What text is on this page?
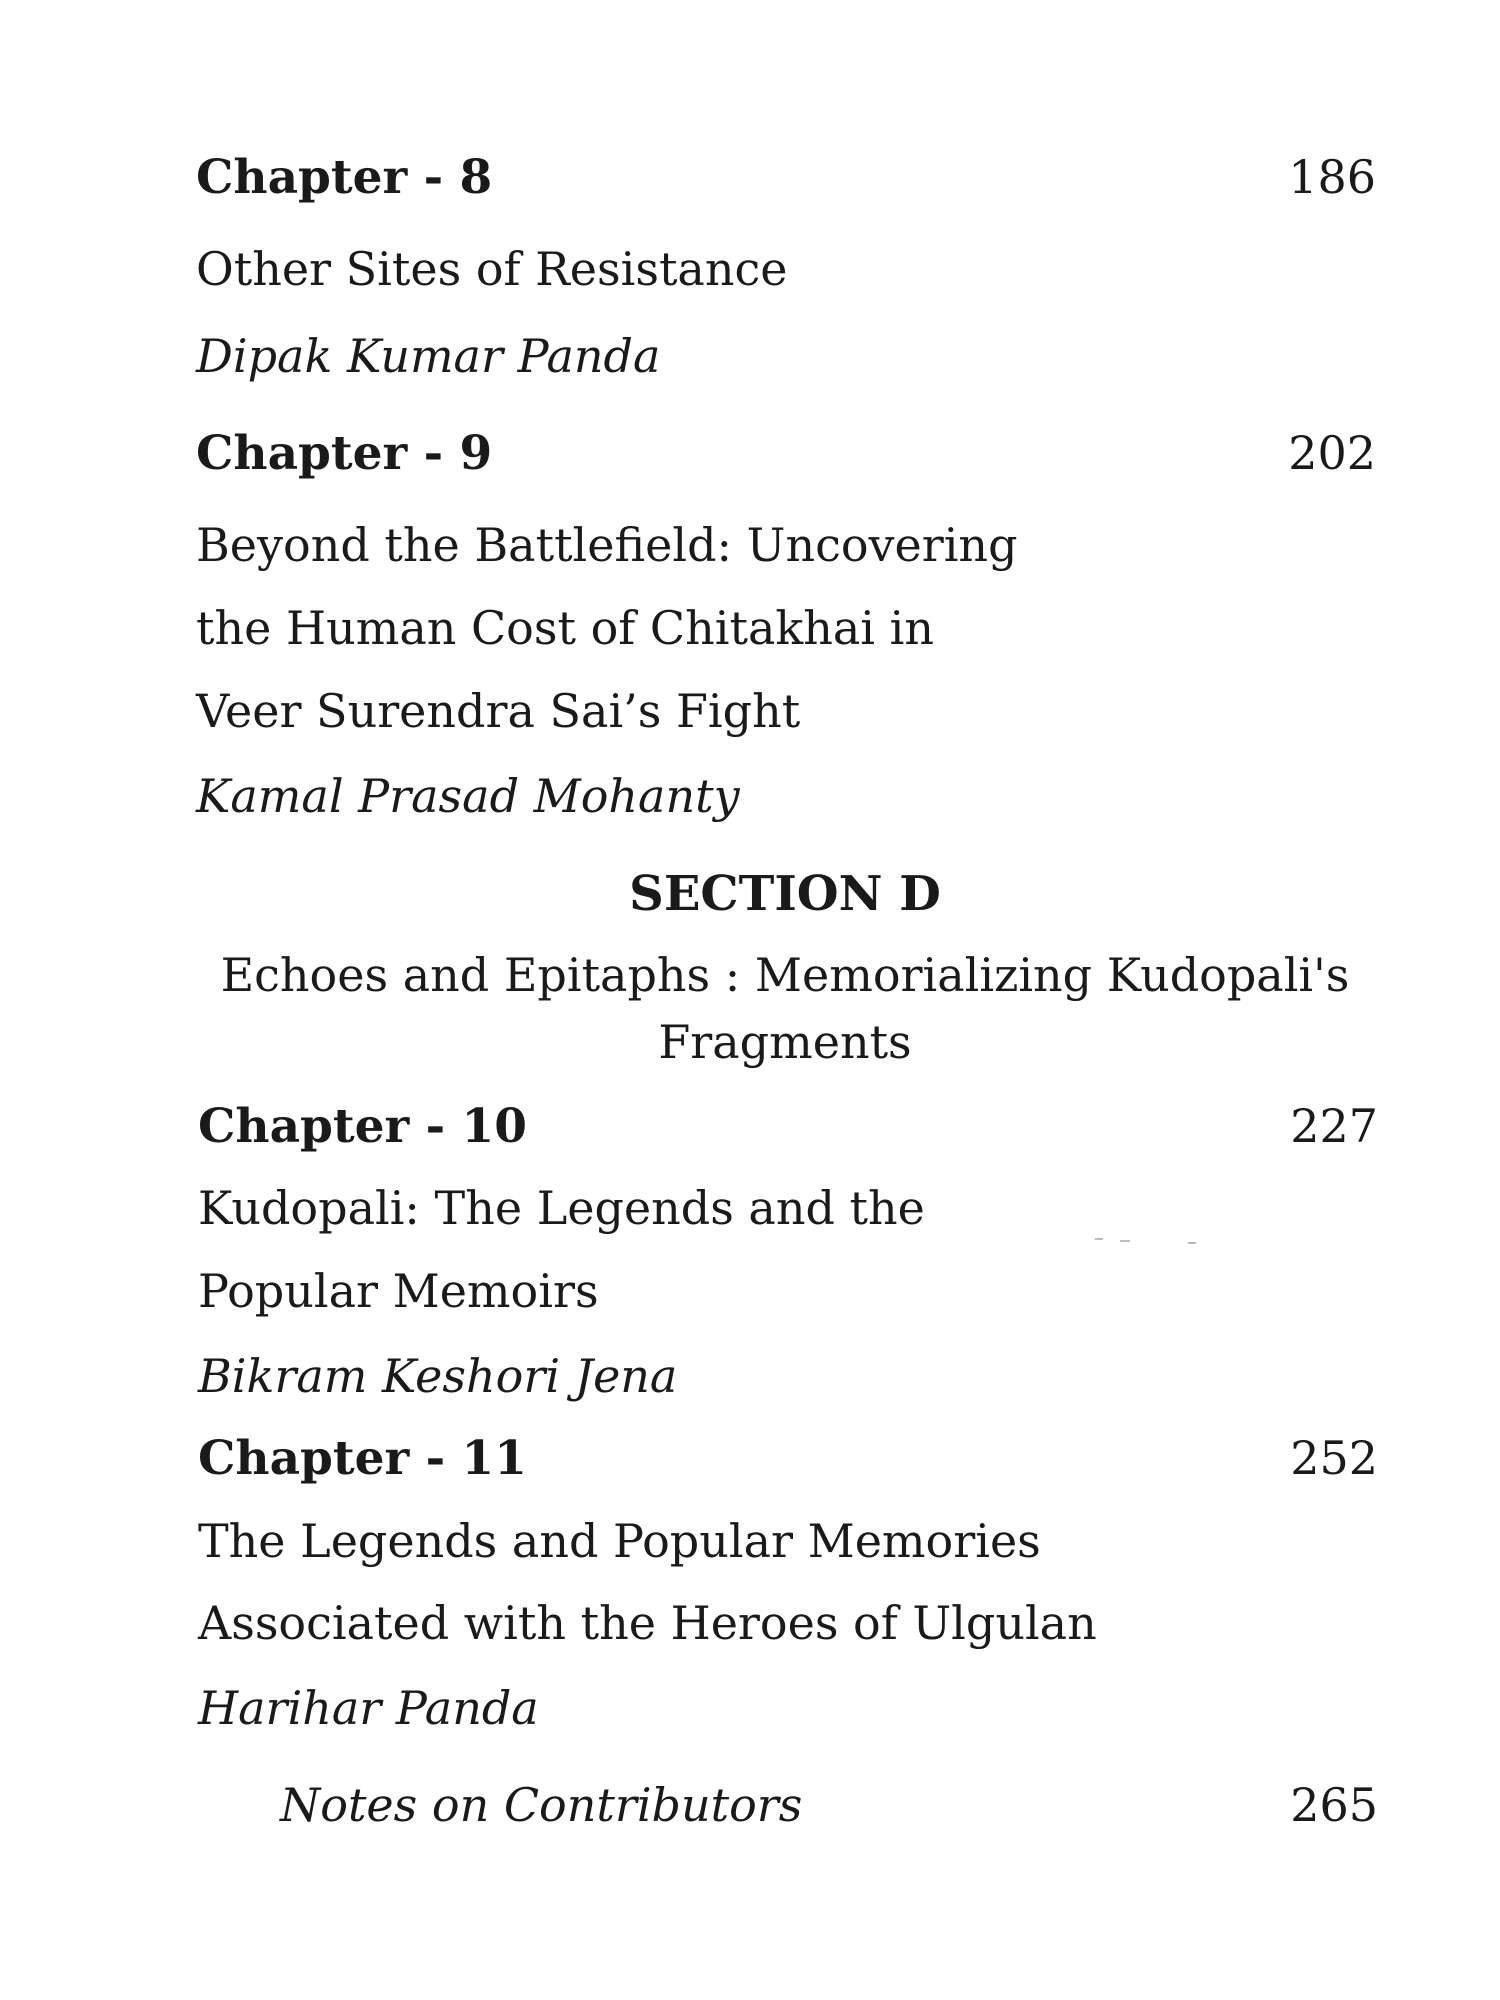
Chapter - 8	186
Other Sites of Resistance
Dipak Kumar Panda
Chapter - 9	202
Beyond the Battlefield: Uncovering
the Human Cost of Chitakhai in
Veer Surendra Sai’s Fight
Kamal Prasad Mohanty
SECTION D
Echoes and Epitaphs : Memorializing Kudopali's
Fragments
Chapter - 10	227
Kudopali: The Legends and the
Popular Memoirs
Bikram Keshori Jena
Chapter - 11	252
The Legends and Popular Memories
Associated with the Heroes of Ulgulan
Harihar Panda
Notes on Contributors	265
